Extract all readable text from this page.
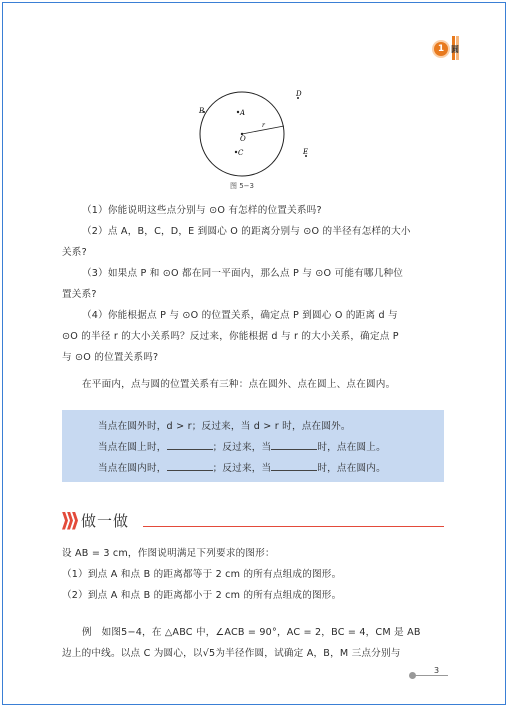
1 圆
A
B
C
D
E
O
r
图 5−3
（1）你能说明这些点分别与 ⊙O 有怎样的位置关系吗?
（2）点 A，B，C，D，E 到圆心 O 的距离分别与 ⊙O 的半径有怎样的大小
关系?
（3）如果点 P 和 ⊙O 都在同一平面内，那么点 P 与 ⊙O 可能有哪几种位
置关系?
（4）你能根据点 P 与 ⊙O 的位置关系，确定点 P 到圆心 O 的距离 d 与
⊙O 的半径 r 的大小关系吗？反过来，你能根据 d 与 r 的大小关系，确定点 P
与 ⊙O 的位置关系吗?
在平面内，点与圆的位置关系有三种：点在圆外、点在圆上、点在圆内。
当点在圆外时，d > r；反过来，当 d > r 时，点在圆外。
当点在圆上时，	；反过来，当	时，点在圆上。
当点在圆内时，	；反过来，当	时，点在圆内。
做一做
设 AB = 3 cm，作图说明满足下列要求的图形：
（1）到点 A 和点 B 的距离都等于 2 cm 的所有点组成的图形。
（2）到点 A 和点 B 的距离都小于 2 cm 的所有点组成的图形。
例　如图5−4，在 △ABC 中，∠ACB = 90°，AC = 2，BC = 4，CM 是 AB
边上的中线。以点 C 为圆心，以√5为半径作圆，试确定 A，B，M 三点分别与
3
